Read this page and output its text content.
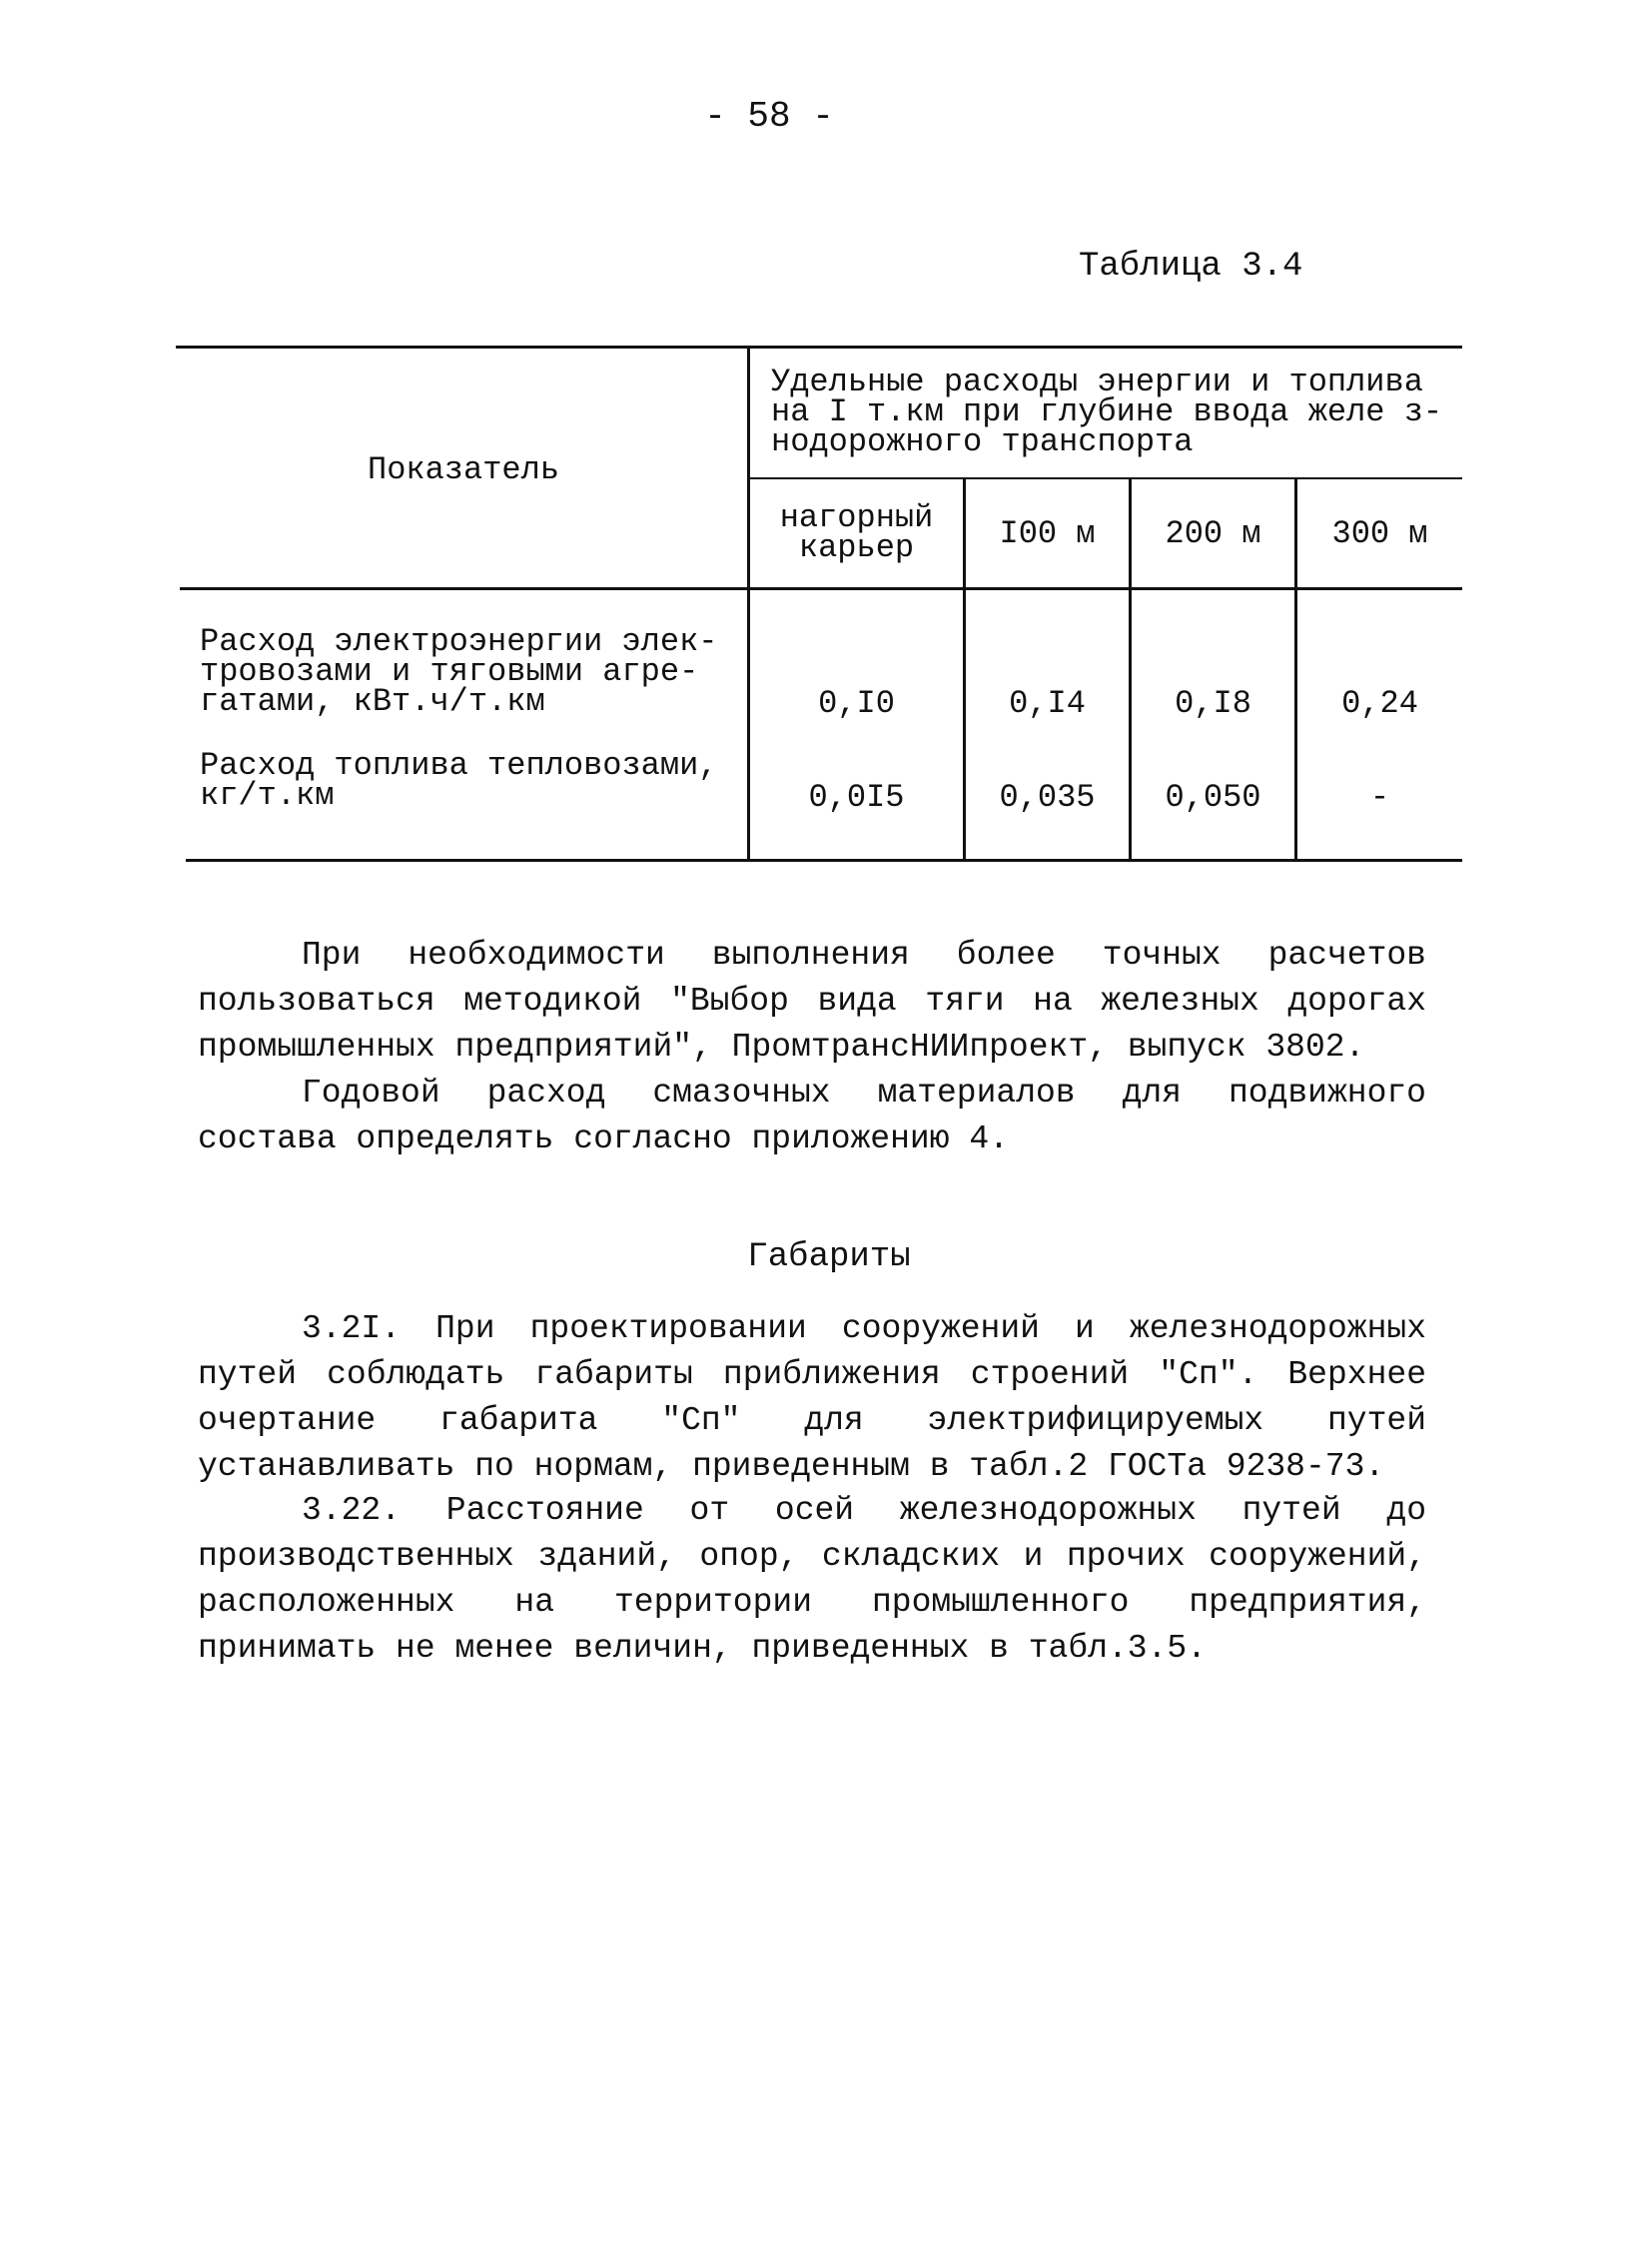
- 58 -
Таблица 3.4
Показатель
Удельные расходы энергии и топлива
на I т.км при глубине ввода желе з-
нодорожного транспорта
нагорный
карьер	I00 м	200 м	300 м
Расход электроэнергии элек-
тровозами и тяговыми агре-
гатами, кВт.ч/т.км	0,I0	0,I4	0,I8	0,24
Расход топлива тепловозами,
кг/т.км	0,0I5	0,035	0,050	-
При необходимости выполнения более точных расчетов пользоваться методикой "Выбор вида тяги на железных дорогах промышленных предприятий", ПромтрансНИИпроект, выпуск 3802.
Годовой расход смазочных материалов для подвижного состава определять согласно приложению 4.
Габариты
3.2I. При проектировании сооружений и железнодорожных путей соблюдать габариты приближения строений "Сп". Верхнее очертание габарита "Сп" для электрифицируемых путей устанавливать по нормам, приведенным в табл.2 ГОСТа 9238-73.
3.22. Расстояние от осей железнодорожных путей до производственных зданий, опор, складских и прочих сооружений, расположенных на территории промышленного предприятия, принимать не менее величин, приведенных в табл.3.5.
